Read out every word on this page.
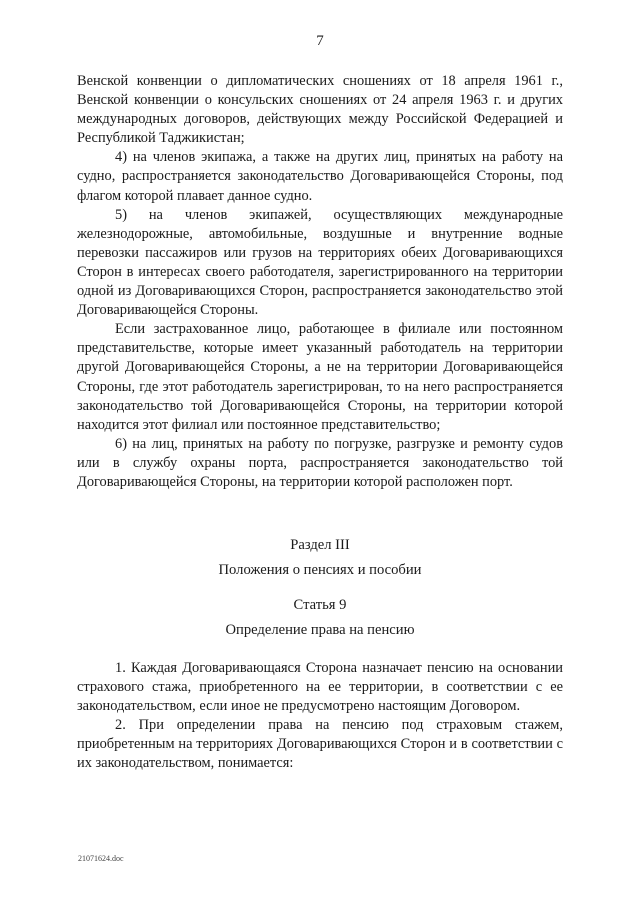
7

Венской конвенции о дипломатических сношениях от 18 апреля 1961 г., Венской конвенции о консульских сношениях от 24 апреля 1963 г. и других международных договоров, действующих между Российской Федерацией и Республикой Таджикистан;

4) на членов экипажа, а также на других лиц, принятых на работу на судно, распространяется законодательство Договаривающейся Стороны, под флагом которой плавает данное судно.

5) на членов экипажей, осуществляющих международные железнодорожные, автомобильные, воздушные и внутренние водные перевозки пассажиров или грузов на территориях обеих Договаривающихся Сторон в интересах своего работодателя, зарегистрированного на территории одной из Договаривающихся Сторон, распространяется законодательство этой Договаривающейся Стороны.

Если застрахованное лицо, работающее в филиале или постоянном представительстве, которые имеет указанный работодатель на территории другой Договаривающейся Стороны, а не на территории Договаривающейся Стороны, где этот работодатель зарегистрирован, то на него распространяется законодательство той Договаривающейся Стороны, на территории которой находится этот филиал или постоянное представительство;

6) на лиц, принятых на работу по погрузке, разгрузке и ремонту судов или в службу охраны порта, распространяется законодательство той Договаривающейся Стороны, на территории которой расположен порт.

Раздел III
Положения о пенсиях и пособии
Статья 9
Определение права на пенсию

1. Каждая Договаривающаяся Сторона назначает пенсию на основании страхового стажа, приобретенного на ее территории, в соответствии с ее законодательством, если иное не предусмотрено настоящим Договором.

2. При определении права на пенсию под страховым стажем, приобретенным на территориях Договаривающихся Сторон и в соответствии с их законодательством, понимается:

21071624.doc
